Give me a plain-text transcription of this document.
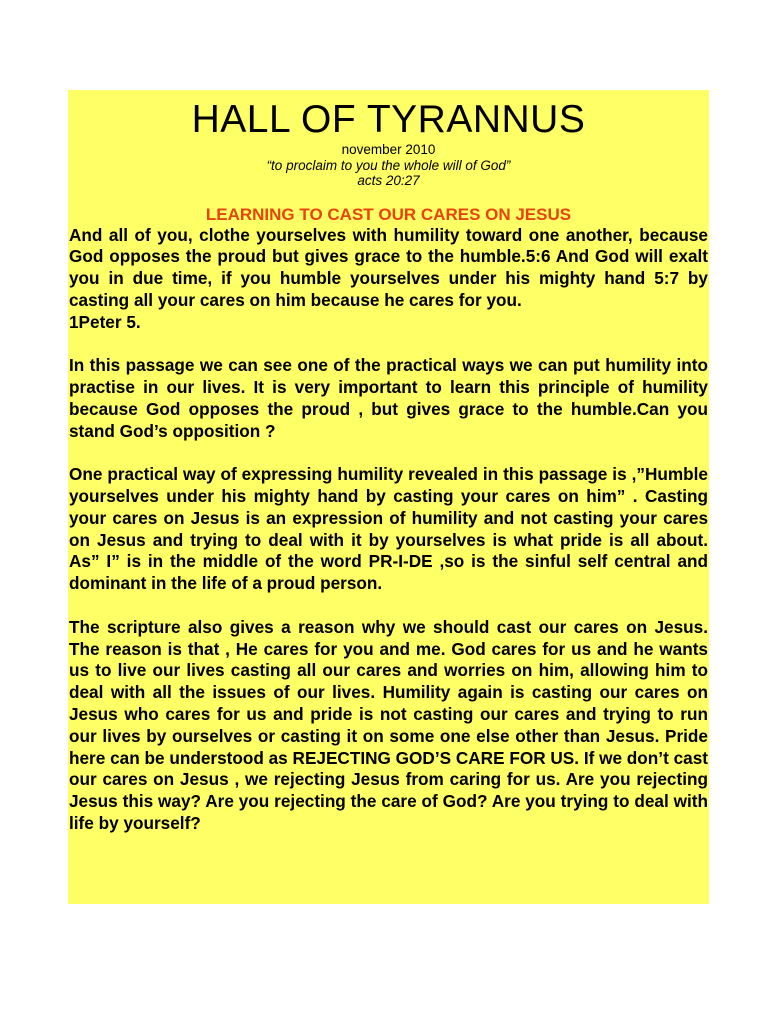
HALL OF TYRANNUS
november 2010
“to proclaim to you the whole will of God”
acts 20:27
LEARNING TO CAST OUR CARES ON JESUS

And all of you, clothe yourselves with humility toward one another, because God opposes the proud but gives grace to the humble.5:6 And God will exalt you in due time, if you humble yourselves under his mighty hand 5:7 by casting all your cares on him because he cares for you.

1Peter 5.

In this passage we can see one of the practical ways we can put humility into practise in our lives. It is very important to learn this principle of humility because God opposes the proud , but gives grace to the humble.Can you stand God’s opposition ?

One practical way of expressing humility revealed in this passage is ,”Humble yourselves under his mighty hand by casting your cares on him” . Casting your cares on Jesus is an expression of humility and not casting your cares on Jesus and trying to deal with it by yourselves is what pride is all about. As” I” is in the middle of the word PR-I-DE ,so is the sinful self central and dominant in the life of a proud person.

The scripture also gives a reason why we should cast our cares on Jesus. The reason is that , He cares for you and me. God cares for us and he wants us to live our lives casting all our cares and worries on him, allowing him to deal with all the issues of our lives. Humility again is casting our cares on Jesus who cares for us and pride is not casting our cares and trying to run our lives by ourselves or casting it on some one else other than Jesus. Pride here can be understood as REJECTING GOD’S CARE FOR US. If we don’t cast our cares on Jesus , we rejecting Jesus from caring for us. Are you rejecting Jesus this way? Are you rejecting the care of God? Are you trying to deal with life by yourself?
